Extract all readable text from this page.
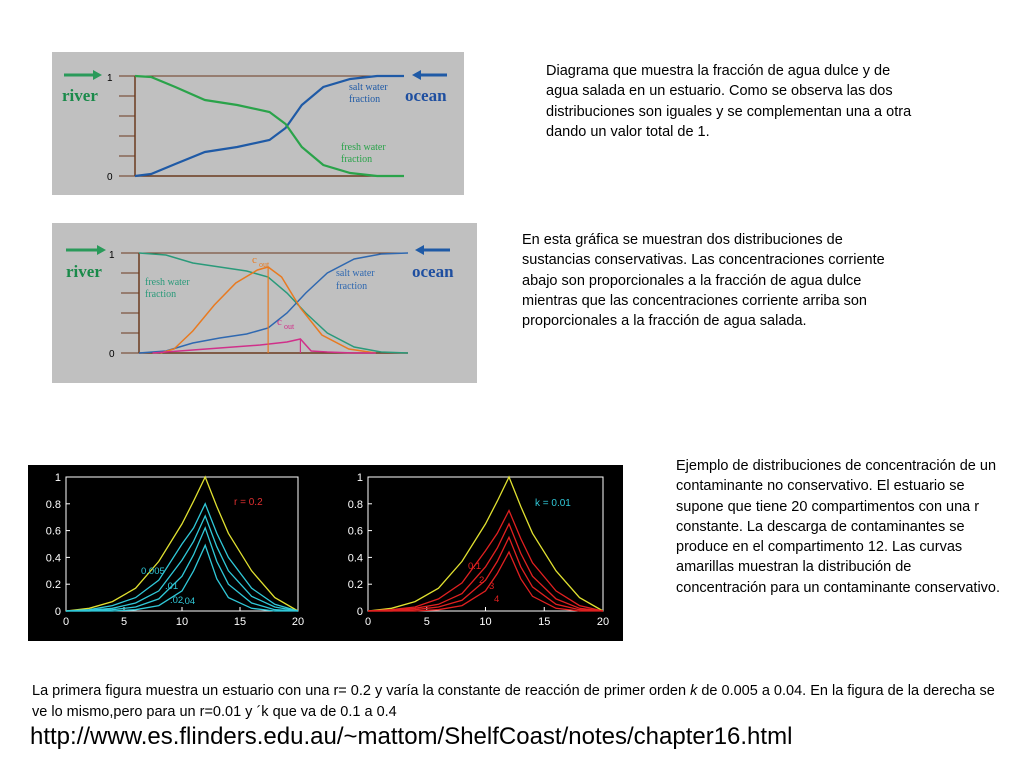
1
0
river	ocean
salt water
fraction
fresh water
fraction
Diagrama que muestra la fracción de agua dulce y de agua salada en un estuario. Como se observa las dos distribuciones son iguales y se complementan una a otra dando un valor total de 1.
1
0
river	ocean
fresh water
fraction
salt water
fraction
c out
c out
En esta gráfica se muestran dos distribuciones de sustancias conservativas. Las concentraciones corriente abajo son proporcionales a la fracción de agua dulce mientras que las concentraciones corriente arriba son proporcionales a la fracción de agua salada.
0	5	10	15	20
0
0.2
0.4
0.6
0.8
1
r = 0.2
0.005
.01
.02
.04
0	5	10	15	20
0
0.2
0.4
0.6
0.8
1
k = 0.01
0.1
2
3
4
Ejemplo de distribuciones de concentración de un contaminante no conservativo. El estuario se supone que tiene 20 compartimentos con una r constante. La descarga de contaminantes se produce en el compartimento 12. Las curvas amarillas muestran la distribución de concentración para un contaminante conservativo.
La primera figura muestra un estuario con una r= 0.2 y varía la constante de reacción de primer orden k de 0.005 a 0.04. En la figura de la derecha se ve lo mismo,pero para un r=0.01 y ´k que va de 0.1 a 0.4
http://www.es.flinders.edu.au/~mattom/ShelfCoast/notes/chapter16.html
